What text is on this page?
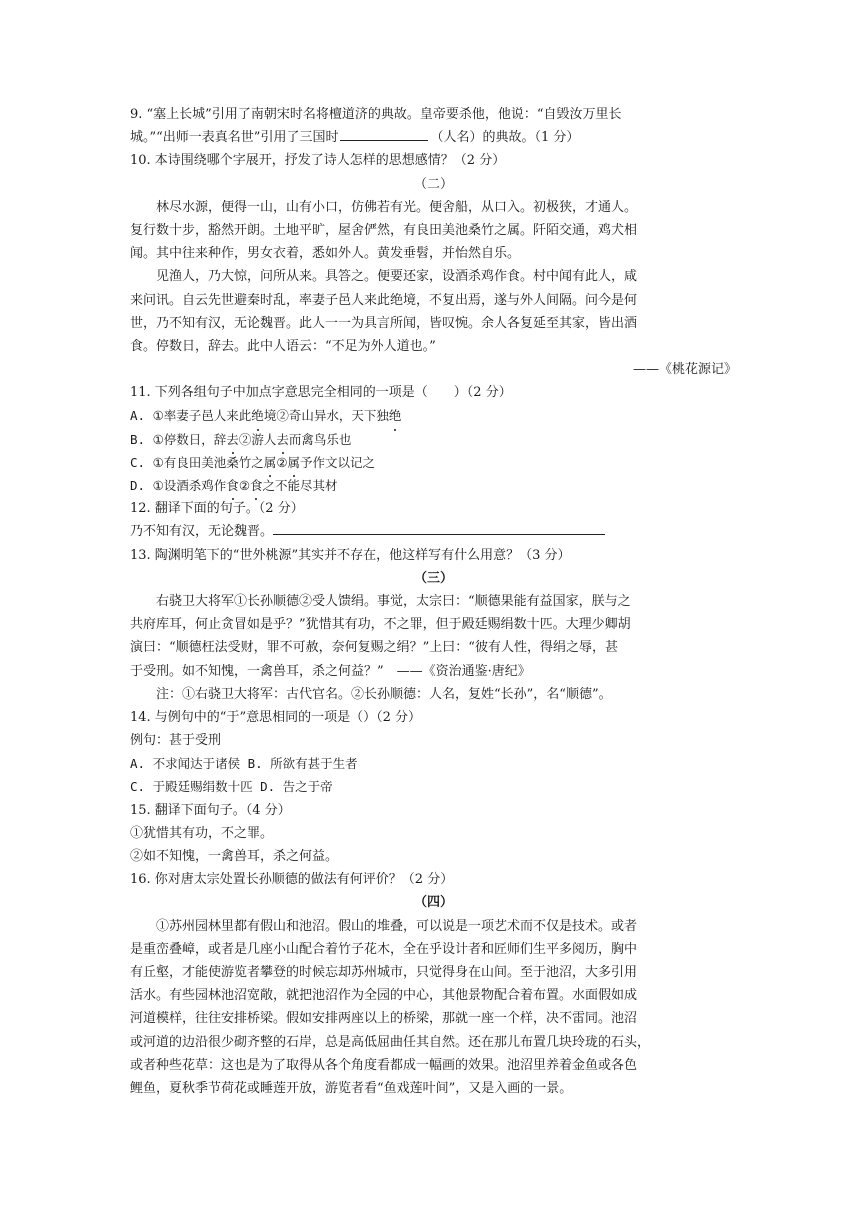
9. “塞上长城”引用了南朝宋时名将檀道济的典故。皇帝要杀他，他说：“自毁汝万里长
城。”“出师一表真名世”引用了三国时	（人名）的典故。（1 分）
10. 本诗围绕哪个字展开，抒发了诗人怎样的思想感情？（2 分）
（二）
林尽水源，便得一山，山有小口，仿佛若有光。便舍船，从口入。初极狭，才通人。
复行数十步，豁然开朗。土地平旷，屋舍俨然，有良田美池桑竹之属。阡陌交通，鸡犬相
闻。其中往来种作，男女衣着，悉如外人。黄发垂髫，并怡然自乐。
见渔人，乃大惊，问所从来。具答之。便要还家，设酒杀鸡作食。村中闻有此人，咸
来问讯。自云先世避秦时乱，率妻子邑人来此绝境，不复出焉，遂与外人间隔。问今是何
世，乃不知有汉，无论魏晋。此人一一为具言所闻，皆叹惋。余人各复延至其家，皆出酒
食。停数日，辞去。此中人语云：“不足为外人道也。”
——《桃花源记》
11. 下列各组句子中加点字意思完全相同的一项是（　　）（2 分）
A. ①率妻子邑人来此绝境②奇山异水，天下独绝
B. ①停数日，辞去②游人去而禽鸟乐也
C. ①有良田美池桑竹之属②属予作文以记之
D. ①设酒杀鸡作食②食之不能尽其材
12. 翻译下面的句子。（2 分）
乃不知有汉，无论魏晋。
13. 陶渊明笔下的“世外桃源”其实并不存在，他这样写有什么用意？（3 分）
（三）
右骁卫大将军①长孙顺德②受人馈绢。事觉，太宗曰：“顺德果能有益国家，朕与之
共府库耳，何止贪冒如是乎？”犹惜其有功，不之罪，但于殿廷赐绢数十匹。大理少卿胡
演曰：“顺德枉法受财，罪不可赦，奈何复赐之绢？”上曰：“彼有人性，得绢之辱，甚
于受刑。如不知愧，一禽兽耳，杀之何益？”　——《资治通鉴·唐纪》
注：①右骁卫大将军：古代官名。②长孙顺德：人名，复姓“长孙”，名“顺德”。
14. 与例句中的“于”意思相同的一项是（）（2 分）
例句：甚于受刑
A. 不求闻达于诸侯 B. 所欲有甚于生者
C. 于殿廷赐绢数十匹 D. 告之于帝
15. 翻译下面句子。（4 分）
①犹惜其有功，不之罪。
②如不知愧，一禽兽耳，杀之何益。
16. 你对唐太宗处置长孙顺德的做法有何评价？（2 分）
（四）
①苏州园林里都有假山和池沼。假山的堆叠，可以说是一项艺术而不仅是技术。或者
是重峦叠嶂，或者是几座小山配合着竹子花木，全在乎设计者和匠师们生平多阅历，胸中
有丘壑，才能使游览者攀登的时候忘却苏州城市，只觉得身在山间。至于池沼，大多引用
活水。有些园林池沼宽敞，就把池沼作为全园的中心，其他景物配合着布置。水面假如成
河道模样，往往安排桥梁。假如安排两座以上的桥梁，那就一座一个样，决不雷同。池沼
或河道的边沿很少砌齐整的石岸，总是高低屈曲任其自然。还在那儿布置几块玲珑的石头，
或者种些花草：这也是为了取得从各个角度看都成一幅画的效果。池沼里养着金鱼或各色
鲤鱼，夏秋季节荷花或睡莲开放，游览者看“鱼戏莲叶间”，又是入画的一景。
